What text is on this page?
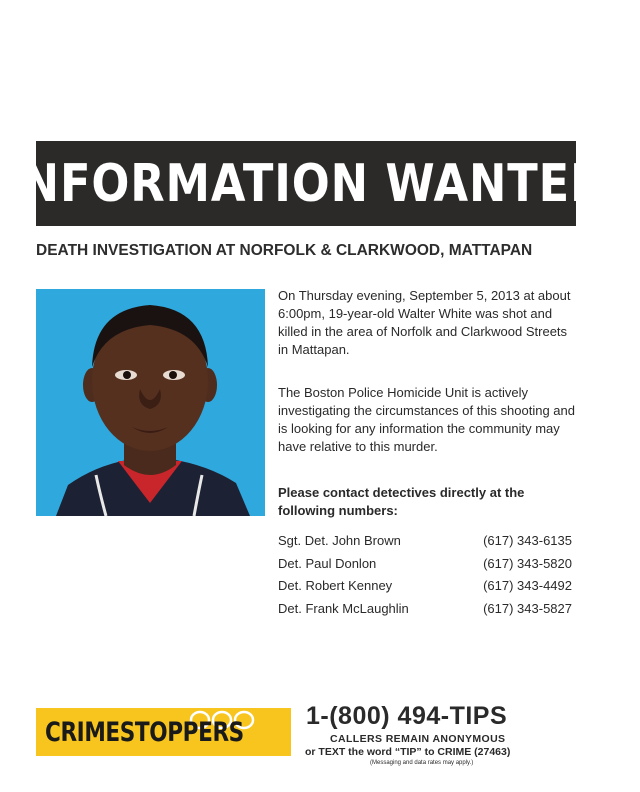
INFORMATION WANTED
DEATH INVESTIGATION AT NORFOLK & CLARKWOOD, MATTAPAN

On Thursday evening, September 5, 2013 at about 6:00pm, 19-year-old Walter White was shot and killed in the area of Norfolk and Clarkwood Streets in Mattapan.

The Boston Police Homicide Unit is actively investigating the circumstances of this shooting and is looking for any information the community may have relative to this murder.

Please contact detectives directly at the following numbers:
Sgt. Det. John Brown	(617) 343-6135
Det. Paul Donlon	(617) 343-5820
Det. Robert Kenney	(617) 343-4492
Det. Frank McLaughlin	(617) 343-5827
CRIMESTOPPERS
1-(800) 494-TIPS
CALLERS REMAIN ANONYMOUS
or TEXT the word “TIP” to CRIME (27463)
(Messaging and data rates may apply.)
